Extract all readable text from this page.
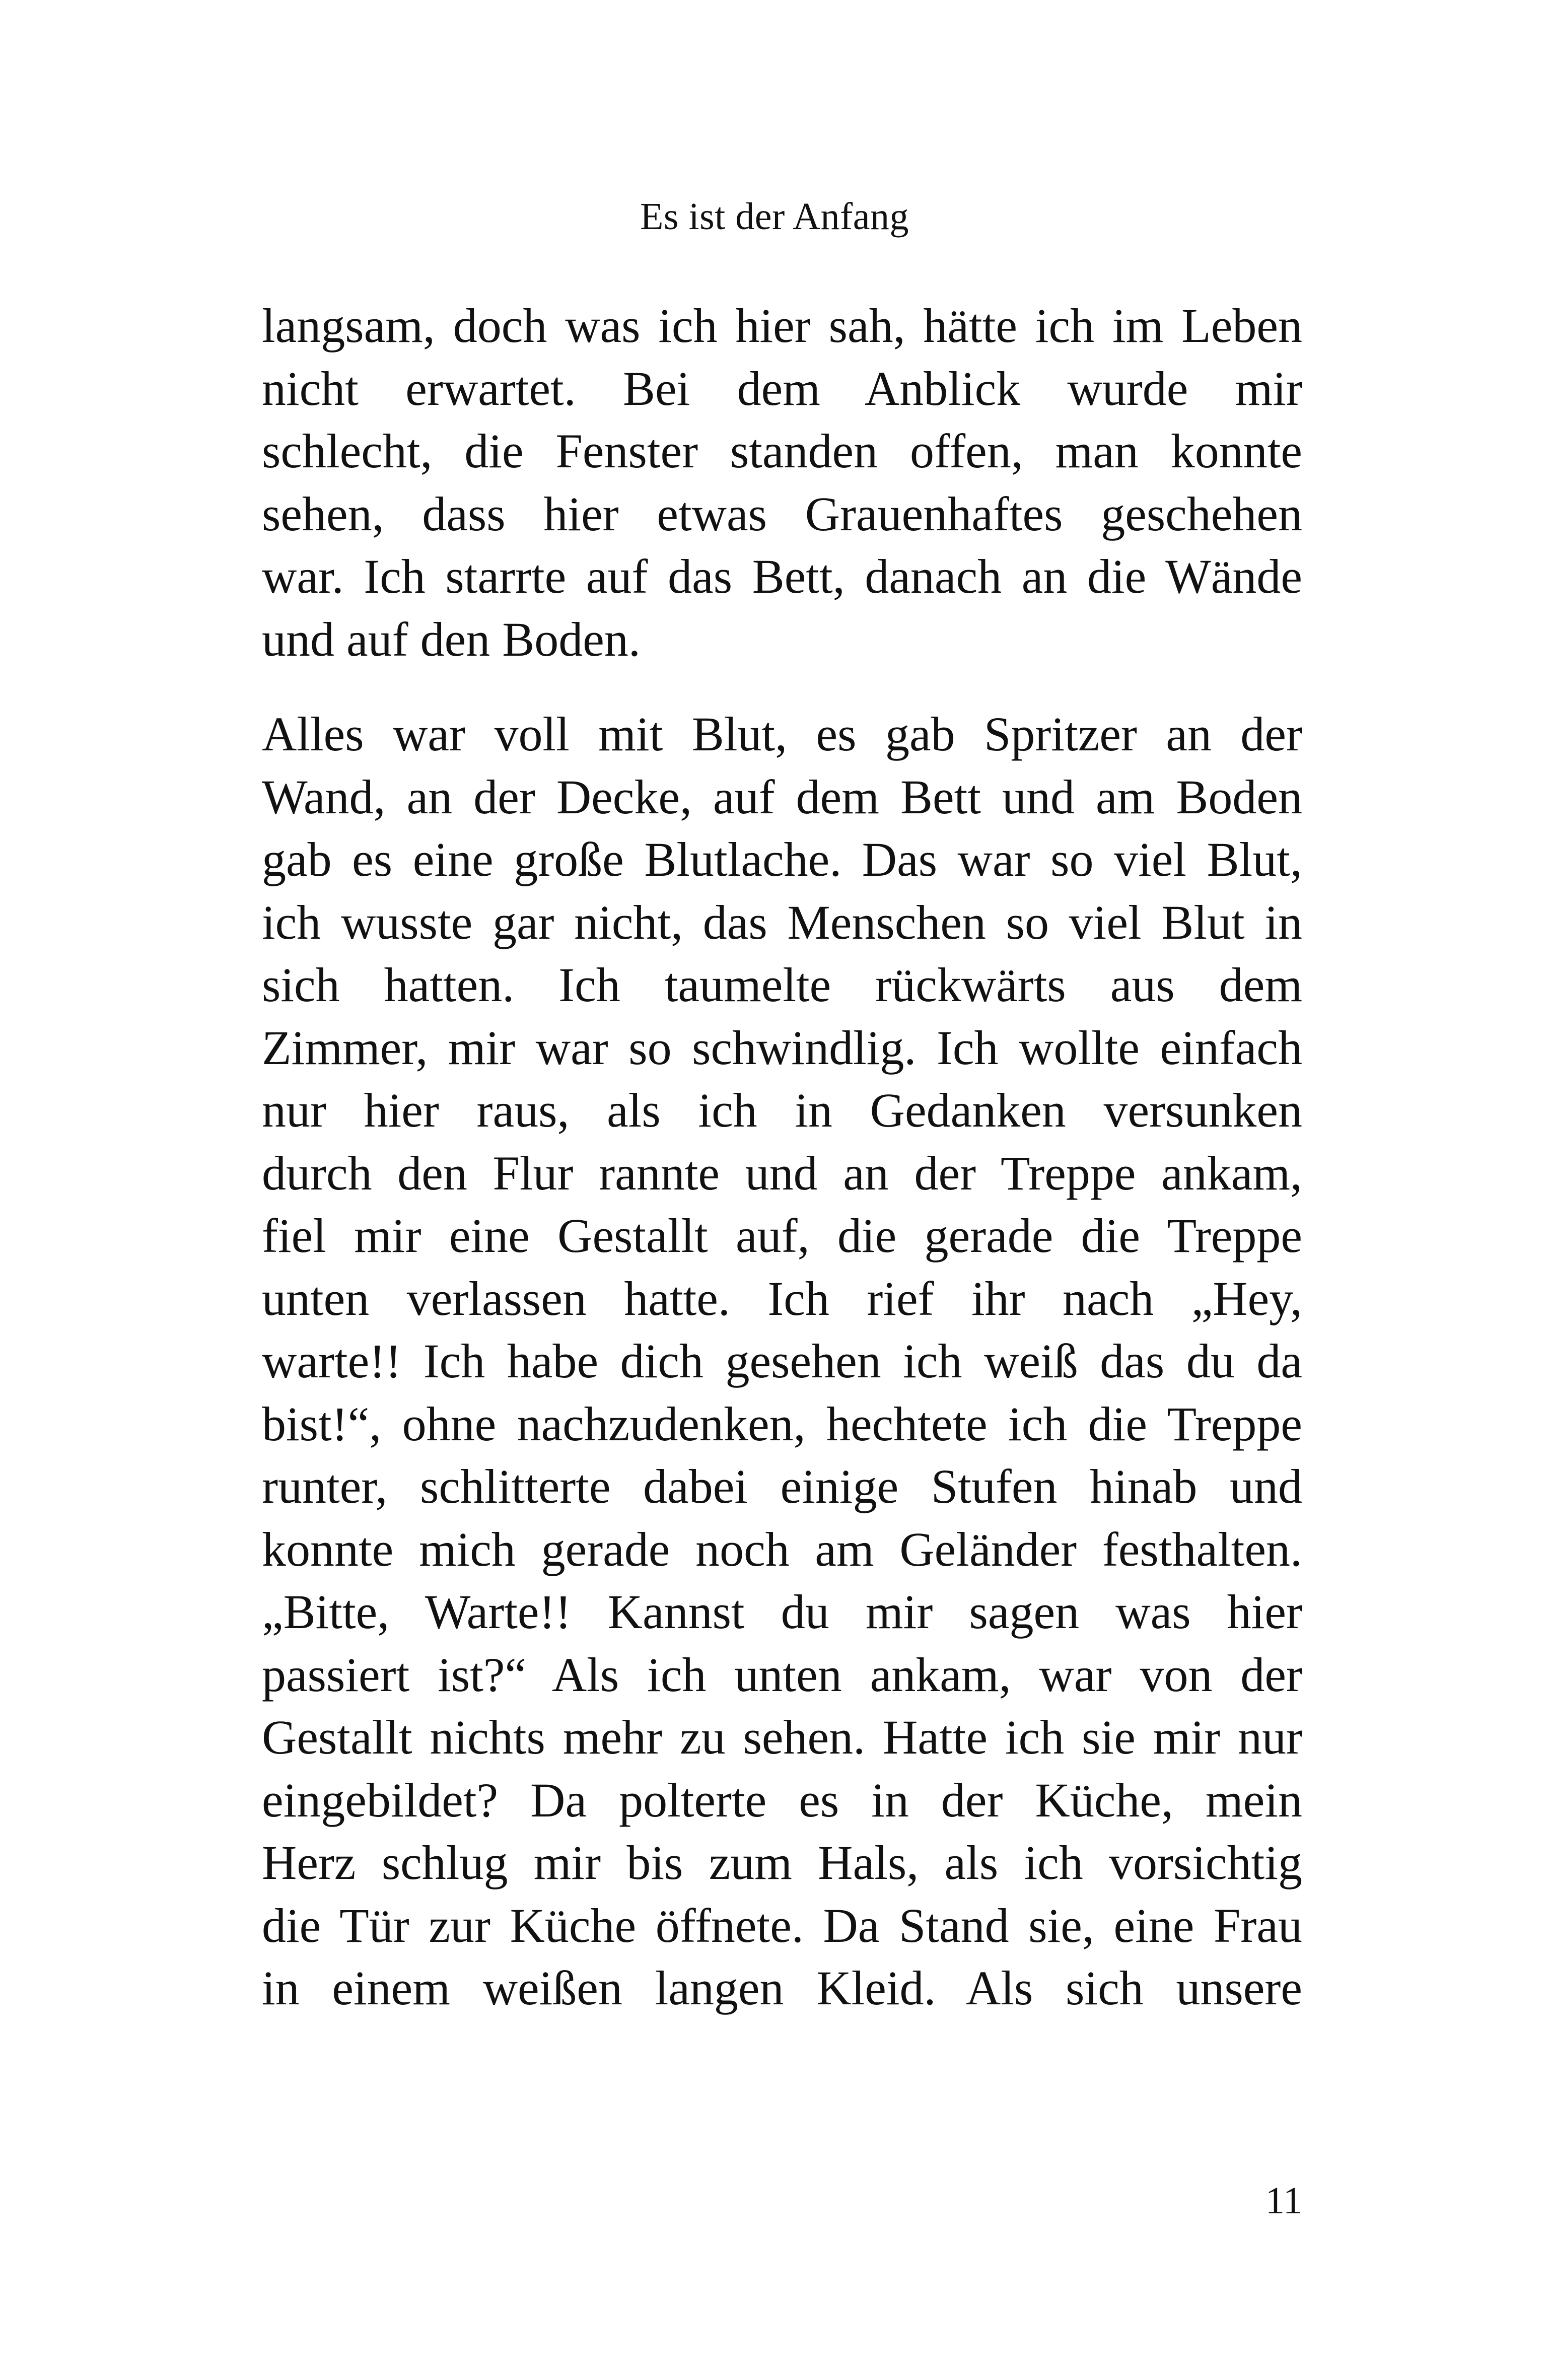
Es ist der Anfang
langsam, doch was ich hier sah, hätte ich im Leben
nicht erwartet. Bei dem Anblick wurde mir
schlecht, die Fenster standen offen, man konnte
sehen, dass hier etwas Grauenhaftes geschehen
war. Ich starrte auf das Bett, danach an die Wände
und auf den Boden.
Alles war voll mit Blut, es gab Spritzer an der
Wand, an der Decke, auf dem Bett und am Boden
gab es eine große Blutlache. Das war so viel Blut,
ich wusste gar nicht, das Menschen so viel Blut in
sich hatten. Ich taumelte rückwärts aus dem
Zimmer, mir war so schwindlig. Ich wollte einfach
nur hier raus, als ich in Gedanken versunken
durch den Flur rannte und an der Treppe ankam,
fiel mir eine Gestallt auf, die gerade die Treppe
unten verlassen hatte. Ich rief ihr nach „Hey,
warte!! Ich habe dich gesehen ich weiß das du da
bist!“, ohne nachzudenken, hechtete ich die Treppe
runter, schlitterte dabei einige Stufen hinab und
konnte mich gerade noch am Geländer festhalten.
„Bitte, Warte!! Kannst du mir sagen was hier
passiert ist?“ Als ich unten ankam, war von der
Gestallt nichts mehr zu sehen. Hatte ich sie mir nur
eingebildet? Da polterte es in der Küche, mein
Herz schlug mir bis zum Hals, als ich vorsichtig
die Tür zur Küche öffnete. Da Stand sie, eine Frau
in einem weißen langen Kleid. Als sich unsere
11
